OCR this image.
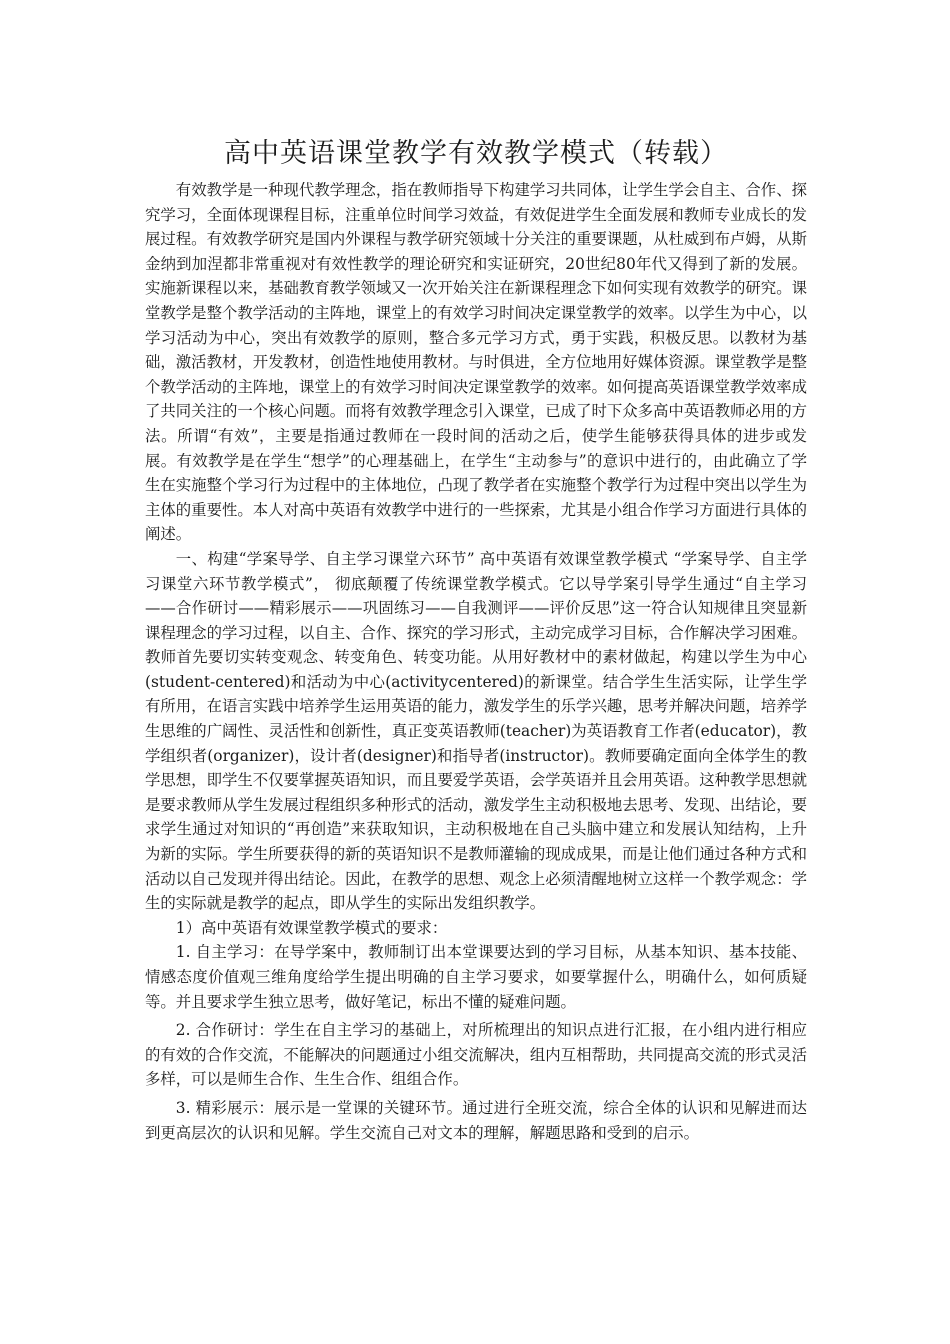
高中英语课堂教学有效教学模式（转载）

有效教学是一种现代教学理念，指在教师指导下构建学习共同体，让学生学会自主、合作、探究学习，全面体现课程目标，注重单位时间学习效益，有效促进学生全面发展和教师专业成长的发展过程。有效教学研究是国内外课程与教学研究领域十分关注的重要课题，从杜威到布卢姆，从斯金纳到加涅都非常重视对有效性教学的理论研究和实证研究，20世纪80年代又得到了新的发展。实施新课程以来，基础教育教学领域又一次开始关注在新课程理念下如何实现有效教学的研究。课堂教学是整个教学活动的主阵地，课堂上的有效学习时间决定课堂教学的效率。以学生为中心，以学习活动为中心，突出有效教学的原则，整合多元学习方式，勇于实践，积极反思。以教材为基础，激活教材，开发教材，创造性地使用教材。与时俱进，全方位地用好媒体资源。课堂教学是整个教学活动的主阵地，课堂上的有效学习时间决定课堂教学的效率。如何提高英语课堂教学效率成了共同关注的一个核心问题。而将有效教学理念引入课堂，已成了时下众多高中英语教师必用的方法。所谓“有效”，主要是指通过教师在一段时间的活动之后，使学生能够获得具体的进步或发展。有效教学是在学生“想学”的心理基础上，在学生“主动参与”的意识中进行的，由此确立了学生在实施整个学习行为过程中的主体地位，凸现了教学者在实施整个教学行为过程中突出以学生为主体的重要性。本人对高中英语有效教学中进行的一些探索，尤其是小组合作学习方面进行具体的阐述。

一、构建“学案导学、自主学习课堂六环节” 高中英语有效课堂教学模式 “学案导学、自主学习课堂六环节教学模式”， 彻底颠覆了传统课堂教学模式。它以导学案引导学生通过“自主学习——合作研讨——精彩展示——巩固练习——自我测评——评价反思”这一符合认知规律且突显新课程理念的学习过程，以自主、合作、探究的学习形式，主动完成学习目标，合作解决学习困难。教师首先要切实转变观念、转变角色、转变功能。从用好教材中的素材做起，构建以学生为中心(student-centered)和活动为中心(activitycentered)的新课堂。结合学生生活实际，让学生学有所用，在语言实践中培养学生运用英语的能力，激发学生的乐学兴趣，思考并解决问题，培养学生思维的广阔性、灵活性和创新性，真正变英语教师(teacher)为英语教育工作者(educator)，教学组织者(organizer)，设计者(designer)和指导者(instructor)。教师要确定面向全体学生的教学思想，即学生不仅要掌握英语知识，而且要爱学英语，会学英语并且会用英语。这种教学思想就是要求教师从学生发展过程组织多种形式的活动，激发学生主动积极地去思考、发现、出结论，要求学生通过对知识的“再创造”来获取知识，主动积极地在自己头脑中建立和发展认知结构，上升为新的实际。学生所要获得的新的英语知识不是教师灌输的现成成果，而是让他们通过各种方式和活动以自己发现并得出结论。因此，在教学的思想、观念上必须清醒地树立这样一个教学观念：学生的实际就是教学的起点，即从学生的实际出发组织教学。

1）高中英语有效课堂教学模式的要求：

1. 自主学习：在导学案中，教师制订出本堂课要达到的学习目标，从基本知识、基本技能、情感态度价值观三维角度给学生提出明确的自主学习要求，如要掌握什么，明确什么，如何质疑等。并且要求学生独立思考，做好笔记，标出不懂的疑难问题。

2. 合作研讨：学生在自主学习的基础上，对所梳理出的知识点进行汇报，在小组内进行相应的有效的合作交流，不能解决的问题通过小组交流解决，组内互相帮助，共同提高交流的形式灵活多样，可以是师生合作、生生合作、组组合作。

3. 精彩展示：展示是一堂课的关键环节。通过进行全班交流，综合全体的认识和见解进而达到更高层次的认识和见解。学生交流自己对文本的理解，解题思路和受到的启示。
